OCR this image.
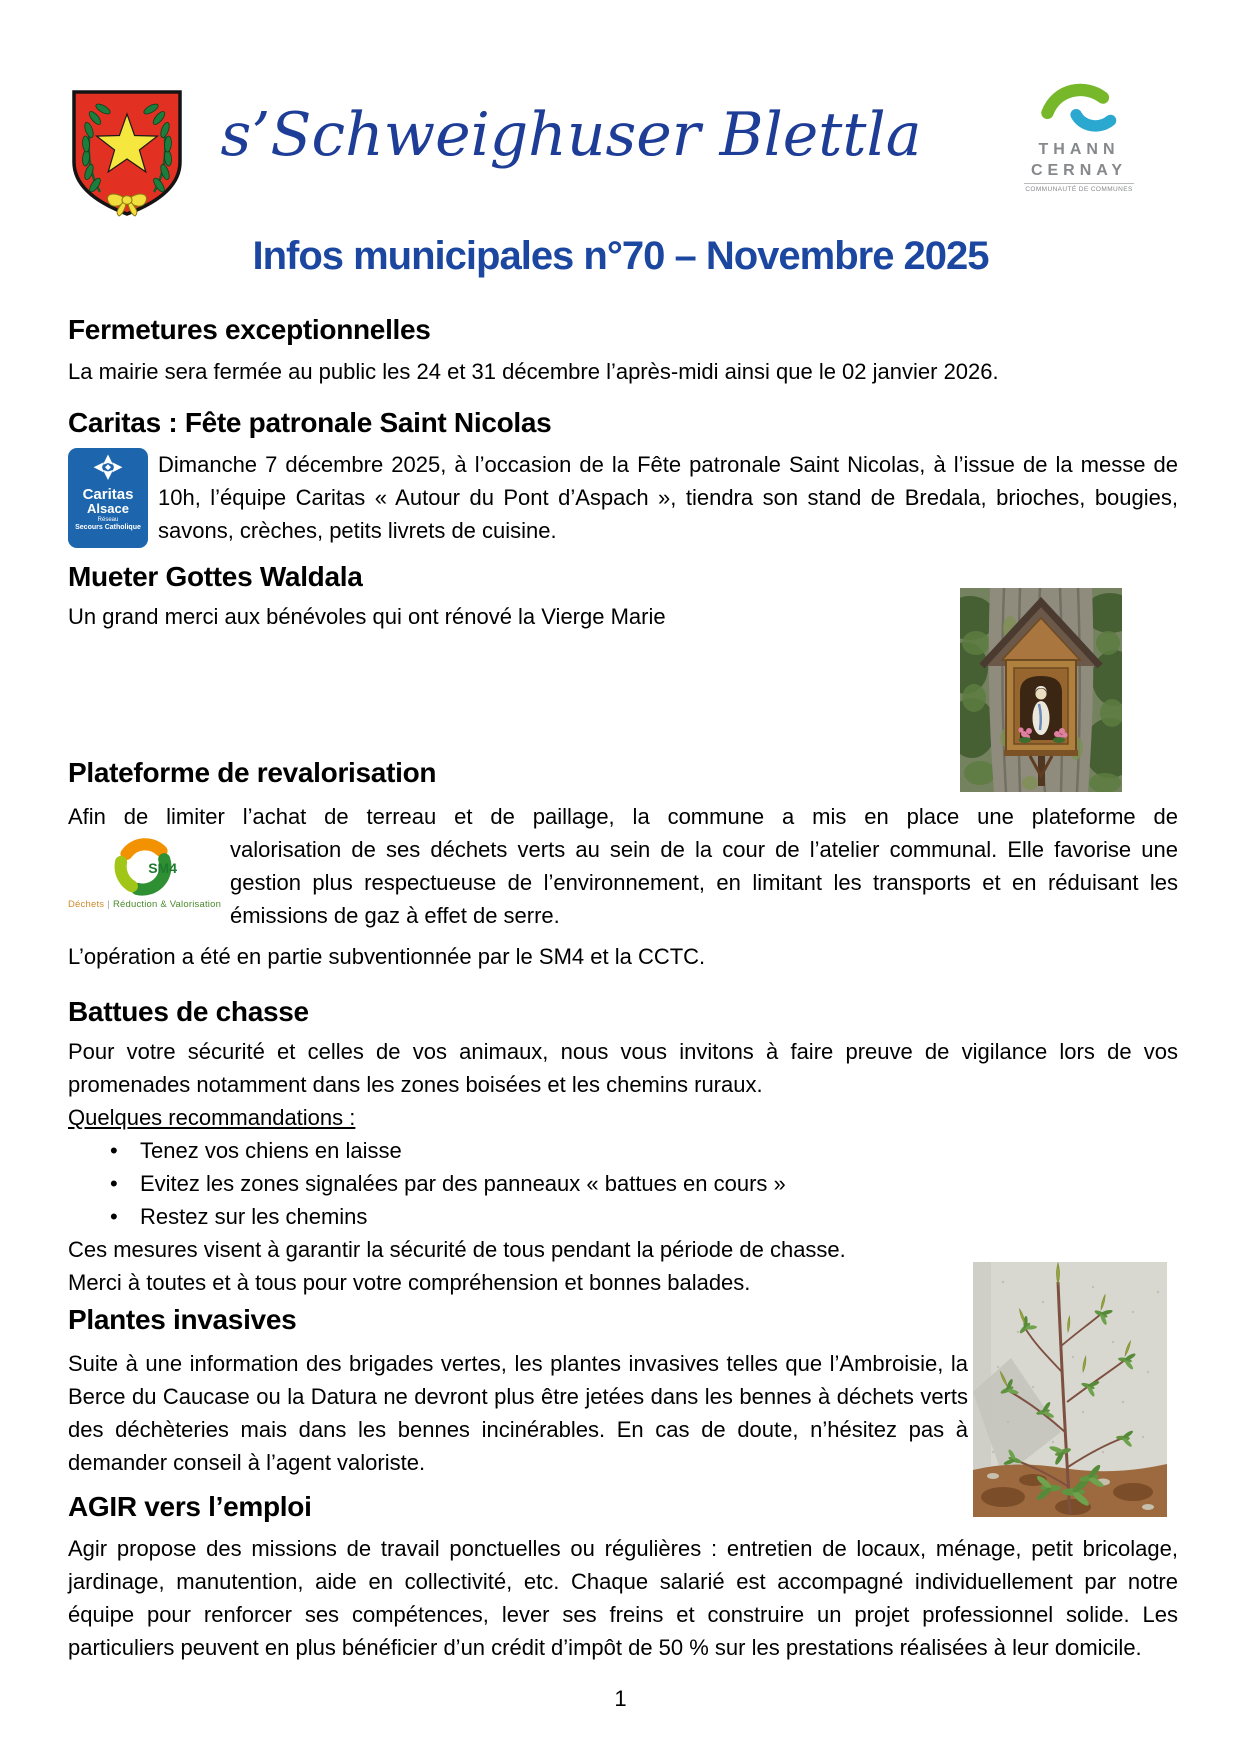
s’Schweighuser Blettla	THANN
CERNAY
COMMUNAUTÉ DE COMMUNES
Infos municipales n°70 – Novembre 2025
Fermetures exceptionnelles

La mairie sera fermée au public les 24 et 31 décembre l’après-midi ainsi que le 02 janvier 2026.

Caritas : Fête patronale Saint Nicolas
Caritas
Alsace
Réseau
Secours Catholique

Dimanche 7 décembre 2025, à l’occasion de la Fête patronale Saint Nicolas, à l’issue de la messe de 10h, l’équipe Caritas « Autour du Pont d’Aspach », tiendra son stand de Bredala, brioches, bougies, savons, crèches, petits livrets de cuisine.

Mueter Gottes Waldala

Un grand merci aux bénévoles qui ont rénové la Vierge Marie

Plateforme de revalorisation

Afin de limiter l’achat de terreau et de paillage, la commune a mis en place une plateforme de

SM4
Déchets | Réduction & Valorisation

valorisation de ses déchets verts au sein de la cour de l’atelier communal. Elle favorise une gestion plus respectueuse de l’environnement, en limitant les transports et en réduisant les émissions de gaz à effet de serre.

L’opération a été en partie subventionnée par le SM4 et la CCTC.

Battues de chasse

Pour votre sécurité et celles de vos animaux, nous vous invitons à faire preuve de vigilance lors de vos promenades notamment dans les zones boisées et les chemins ruraux.

Quelques recommandations :

•	Tenez vos chiens en laisse
•	Evitez les zones signalées par des panneaux « battues en cours »
•	Restez sur les chemins

Ces mesures visent à garantir la sécurité de tous pendant la période de chasse.

Merci à toutes et à tous pour votre compréhension et bonnes balades.

Plantes invasives

Suite à une information des brigades vertes, les plantes invasives telles que l’Ambroisie, la Berce du Caucase ou la Datura ne devront plus être jetées dans les bennes à déchets verts des déchèteries mais dans les bennes incinérables. En cas de doute, n’hésitez pas à demander conseil à l’agent valoriste.

AGIR vers l’emploi

Agir propose des missions de travail ponctuelles ou régulières : entretien de locaux, ménage, petit bricolage, jardinage, manutention, aide en collectivité, etc. Chaque salarié est accompagné individuellement par notre équipe pour renforcer ses compétences, lever ses freins et construire un projet professionnel solide. Les particuliers peuvent en plus bénéficier d’un crédit d’impôt de 50 % sur les prestations réalisées à leur domicile.

1
